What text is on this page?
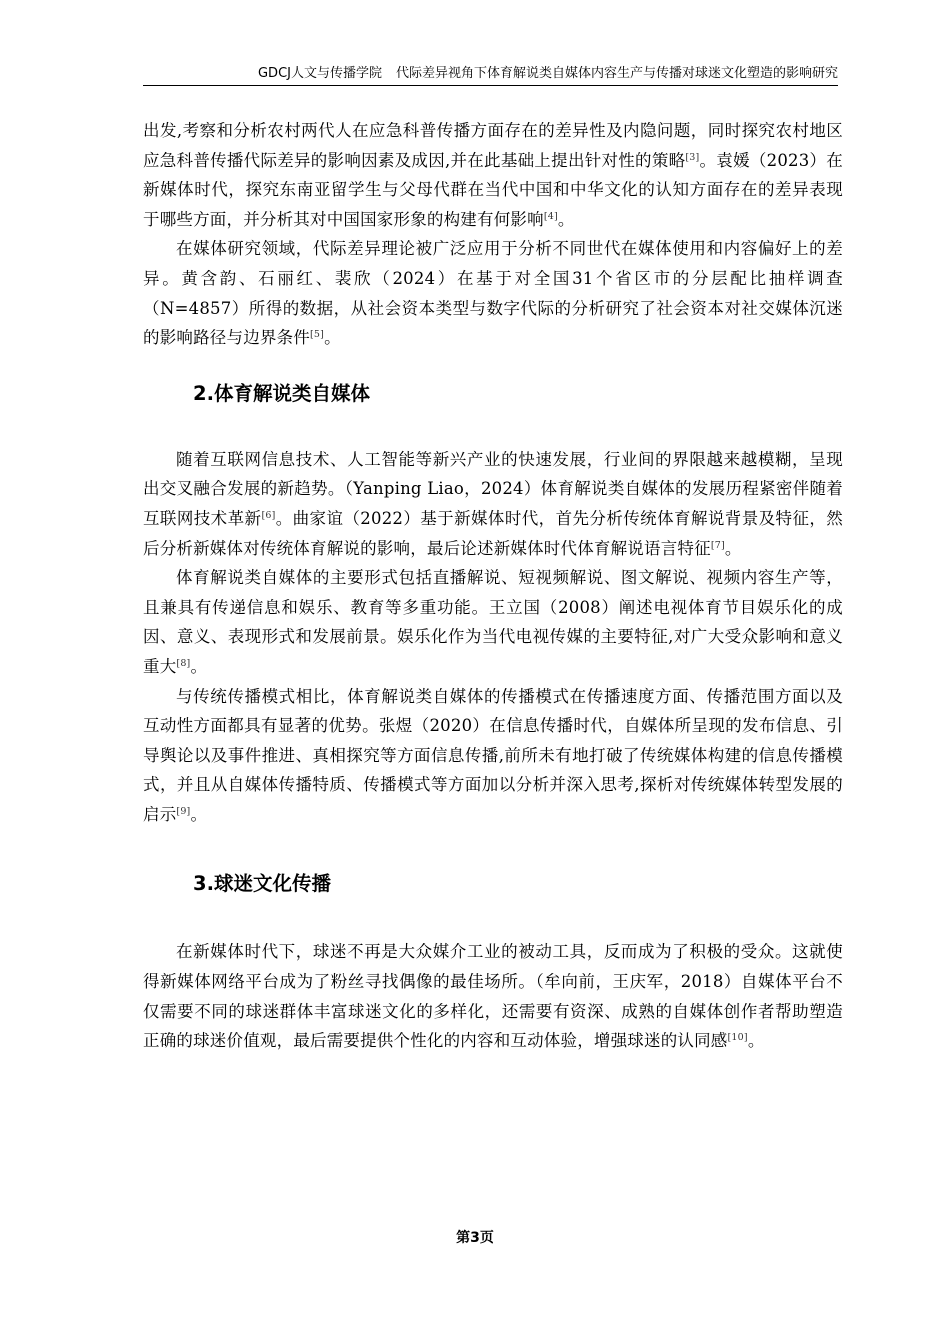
GDCJ人文与传播学院 代际差异视角下体育解说类自媒体内容生产与传播对球迷文化塑造的影响研究

出发,考察和分析农村两代人在应急科普传播方面存在的差异性及内隐问题，同时探究农村地区应急科普传播代际差异的影响因素及成因,并在此基础上提出针对性的策略[3]。袁媛（2023）在新媒体时代，探究东南亚留学生与父母代群在当代中国和中华文化的认知方面存在的差异表现于哪些方面，并分析其对中国国家形象的构建有何影响[4]。

在媒体研究领域，代际差异理论被广泛应用于分析不同世代在媒体使用和内容偏好上的差异。黄含韵、石丽红、裴欣（2024）在基于对全国31个省区市的分层配比抽样调查（N=4857）所得的数据，从社会资本类型与数字代际的分析研究了社会资本对社交媒体沉迷的影响路径与边界条件[5]。

2.体育解说类自媒体

随着互联网信息技术、人工智能等新兴产业的快速发展，行业间的界限越来越模糊，呈现出交叉融合发展的新趋势。（Yanping Liao，2024）体育解说类自媒体的发展历程紧密伴随着互联网技术革新[6]。曲家谊（2022）基于新媒体时代，首先分析传统体育解说背景及特征，然后分析新媒体对传统体育解说的影响，最后论述新媒体时代体育解说语言特征[7]。

体育解说类自媒体的主要形式包括直播解说、短视频解说、图文解说、视频内容生产等，且兼具有传递信息和娱乐、教育等多重功能。王立国（2008）阐述电视体育节目娱乐化的成因、意义、表现形式和发展前景。娱乐化作为当代电视传媒的主要特征,对广大受众影响和意义重大[8]。

与传统传播模式相比，体育解说类自媒体的传播模式在传播速度方面、传播范围方面以及互动性方面都具有显著的优势。张煜（2020）在信息传播时代，自媒体所呈现的发布信息、引导舆论以及事件推进、真相探究等方面信息传播,前所未有地打破了传统媒体构建的信息传播模式，并且从自媒体传播特质、传播模式等方面加以分析并深入思考,探析对传统媒体转型发展的启示[9]。

3.球迷文化传播

在新媒体时代下，球迷不再是大众媒介工业的被动工具，反而成为了积极的受众。这就使得新媒体网络平台成为了粉丝寻找偶像的最佳场所。（牟向前，王庆军，2018）自媒体平台不仅需要不同的球迷群体丰富球迷文化的多样化，还需要有资深、成熟的自媒体创作者帮助塑造正确的球迷价值观，最后需要提供个性化的内容和互动体验，增强球迷的认同感[10]。

第3页
